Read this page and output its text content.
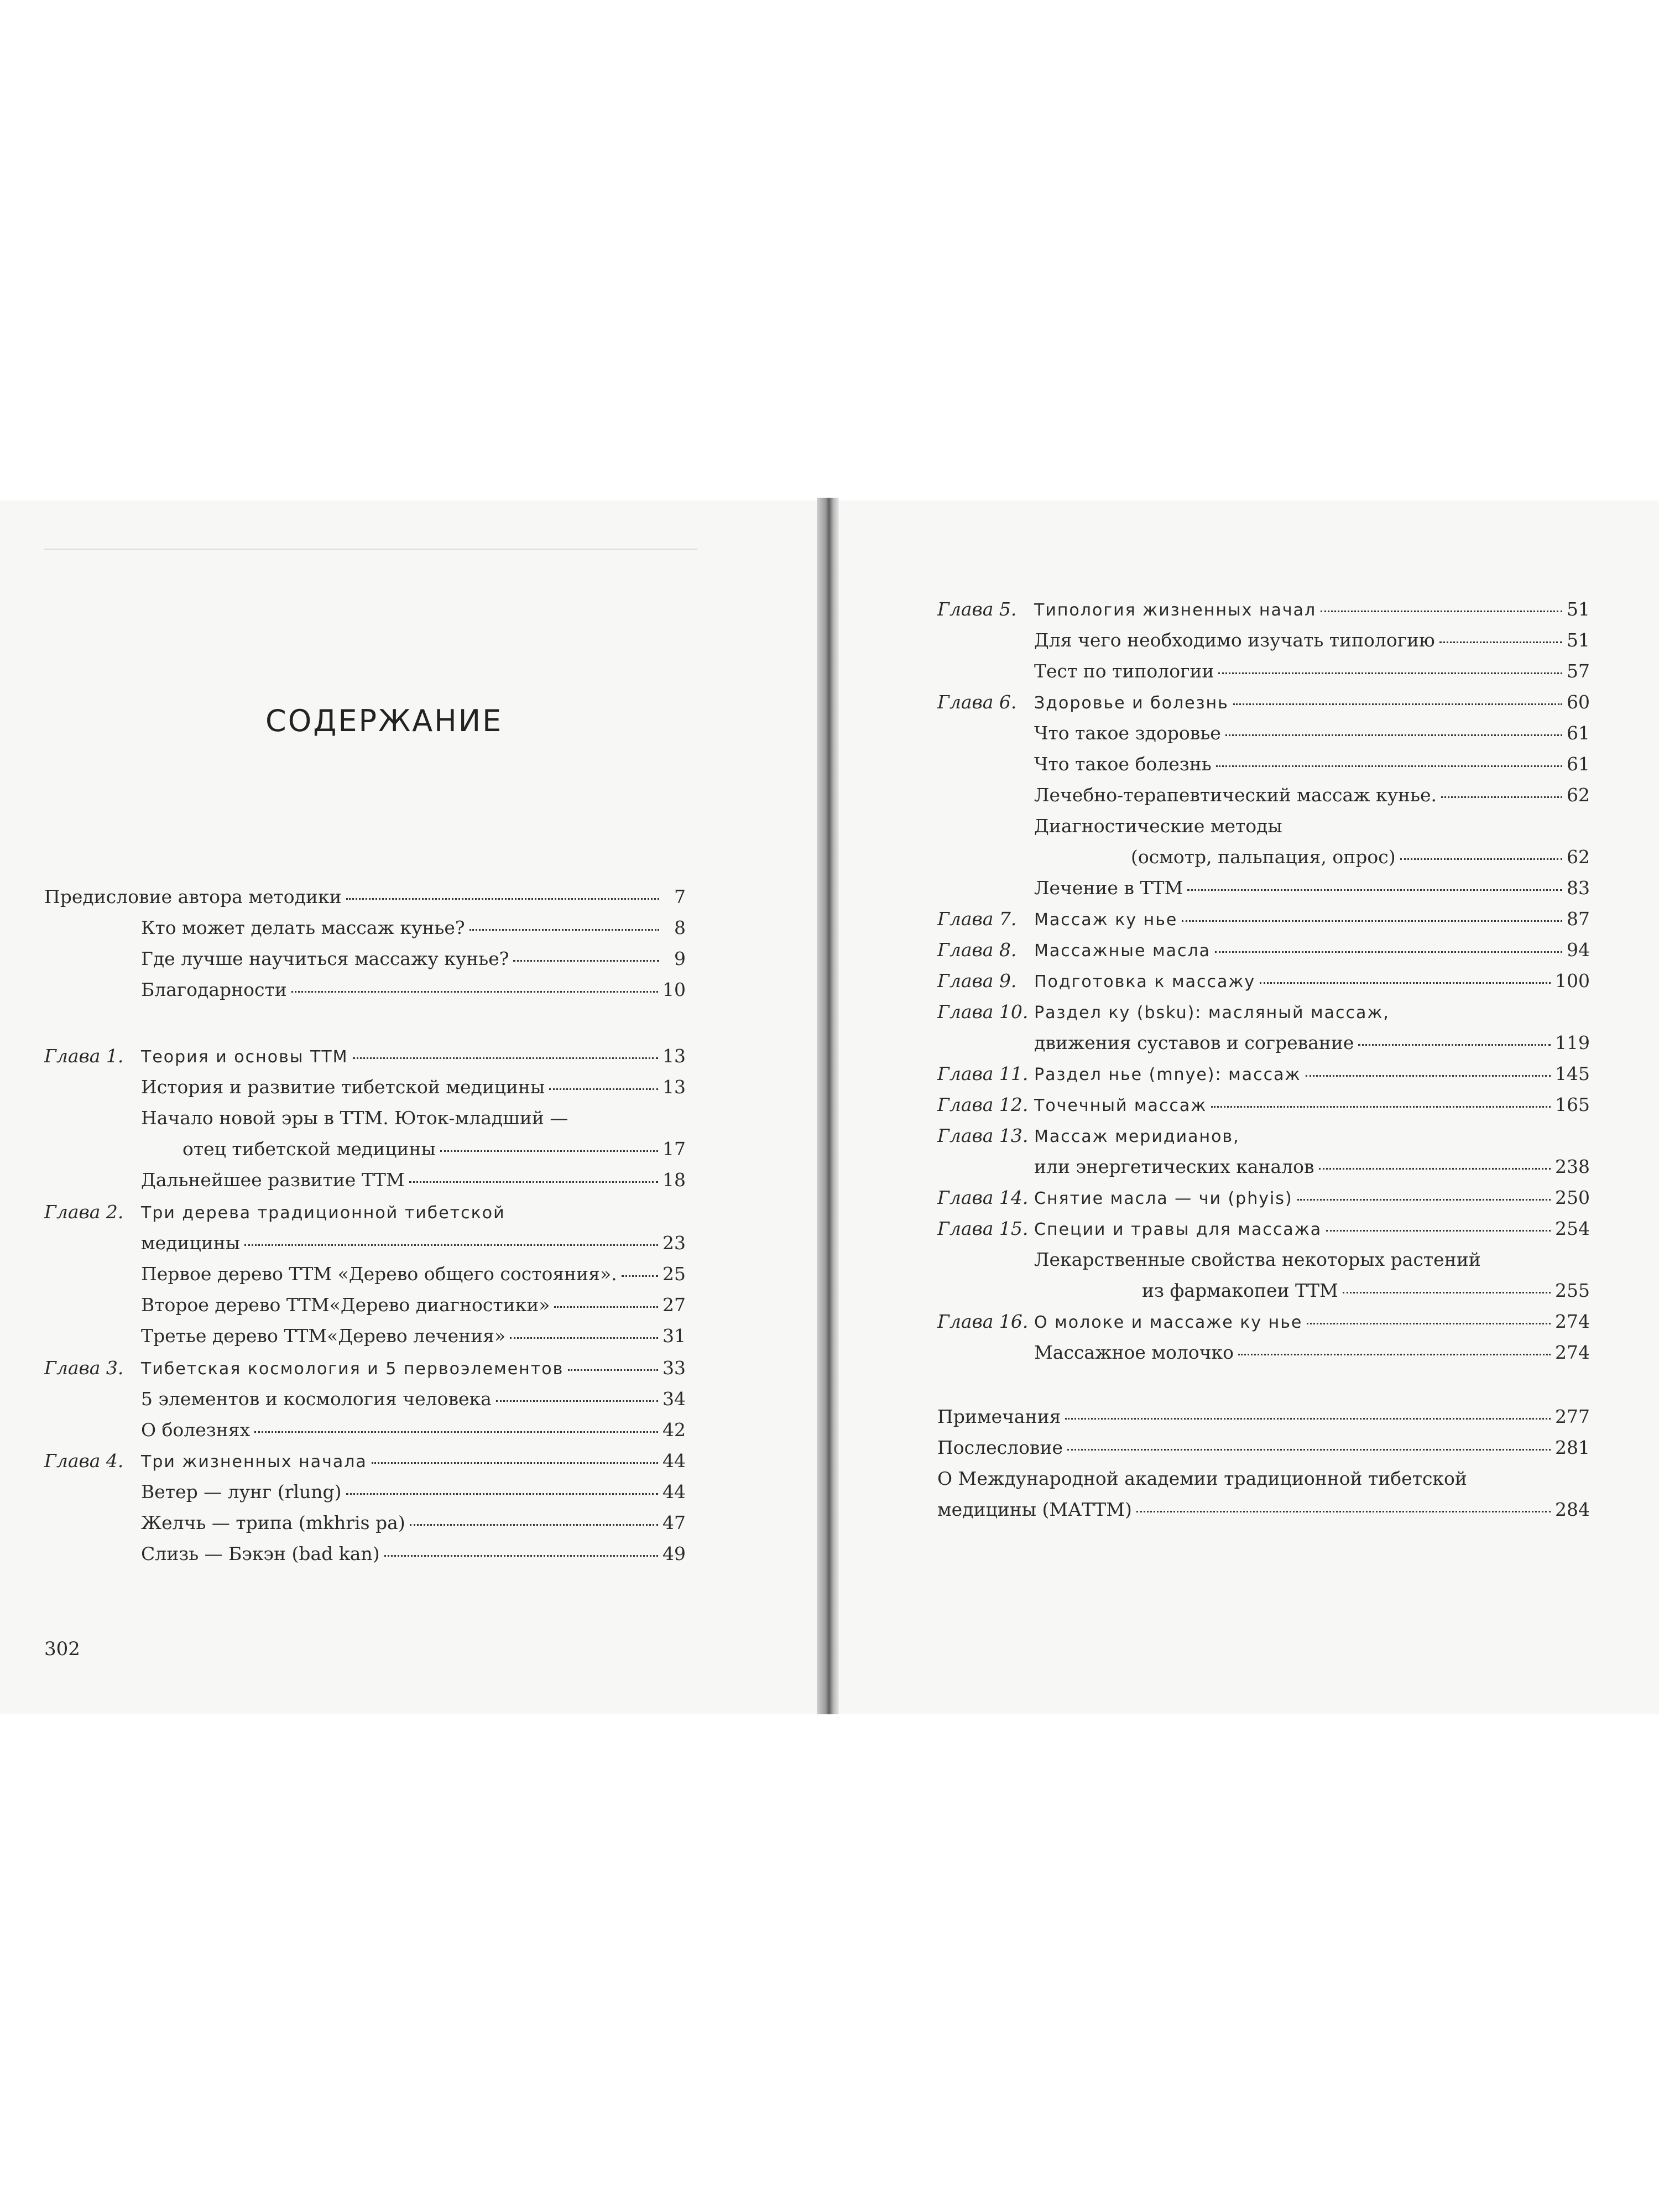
СОДЕРЖАНИЕ
Предисловие автора методики	7
Кто может делать массаж кунье?	8
Где лучше научиться массажу кунье?	9
Благодарности	10
Глава 1.	Теория и основы ТТМ	13
История и развитие тибетской медицины	13
Начало новой эры в ТТМ. Юток-младший —
отец тибетской медицины	17
Дальнейшее развитие ТТМ	18
Глава 2.	Три дерева традиционной тибетской
медицины	23
Первое дерево ТТМ «Дерево общего состояния». 25
Второе дерево ТТМ«Дерево диагностики»	27
Третье дерево ТТМ«Дерево лечения»	31
Глава 3.	Тибетская космология и 5 первоэлементов	33
5 элементов и космология человека	34
О болезнях	42
Глава 4.	Три жизненных начала	44
Ветер — лунг (rlung)	44
Желчь — трипа (mkhris pa)	47
Слизь — Бэкэн (bad kan)	49
Глава 5.	Типология жизненных начал	51
Для чего необходимо изучать типологию	51
Тест по типологии	57
Глава 6.	Здоровье и болезнь	60
Что такое здоровье	61
Что такое болезнь	61
Лечебно-терапевтический массаж кунье.	62
Диагностические методы
(осмотр, пальпация, опрос)	62
Лечение в ТТМ	83
Глава 7.	Массаж ку нье	87
Глава 8.	Массажные масла	94
Глава 9.	Подготовка к массажу	100
Глава 10. Раздел ку (bsku): масляный массаж,
движения суставов и согревание	119
Глава 11. Раздел нье (mnye): массаж	145
Глава 12. Точечный массаж	165
Глава 13. Массаж меридианов,
или энергетических каналов	238
Глава 14. Снятие масла — чи (phyis)	250
Глава 15. Специи и травы для массажа	254
Лекарственные свойства некоторых растений
из фармакопеи ТТМ	255
Глава 16. О молоке и массаже ку нье	274
Массажное молочко	274
Примечания	277
Послесловие	281
О Международной академии традиционной тибетской
медицины (МАТТМ)	284
302
